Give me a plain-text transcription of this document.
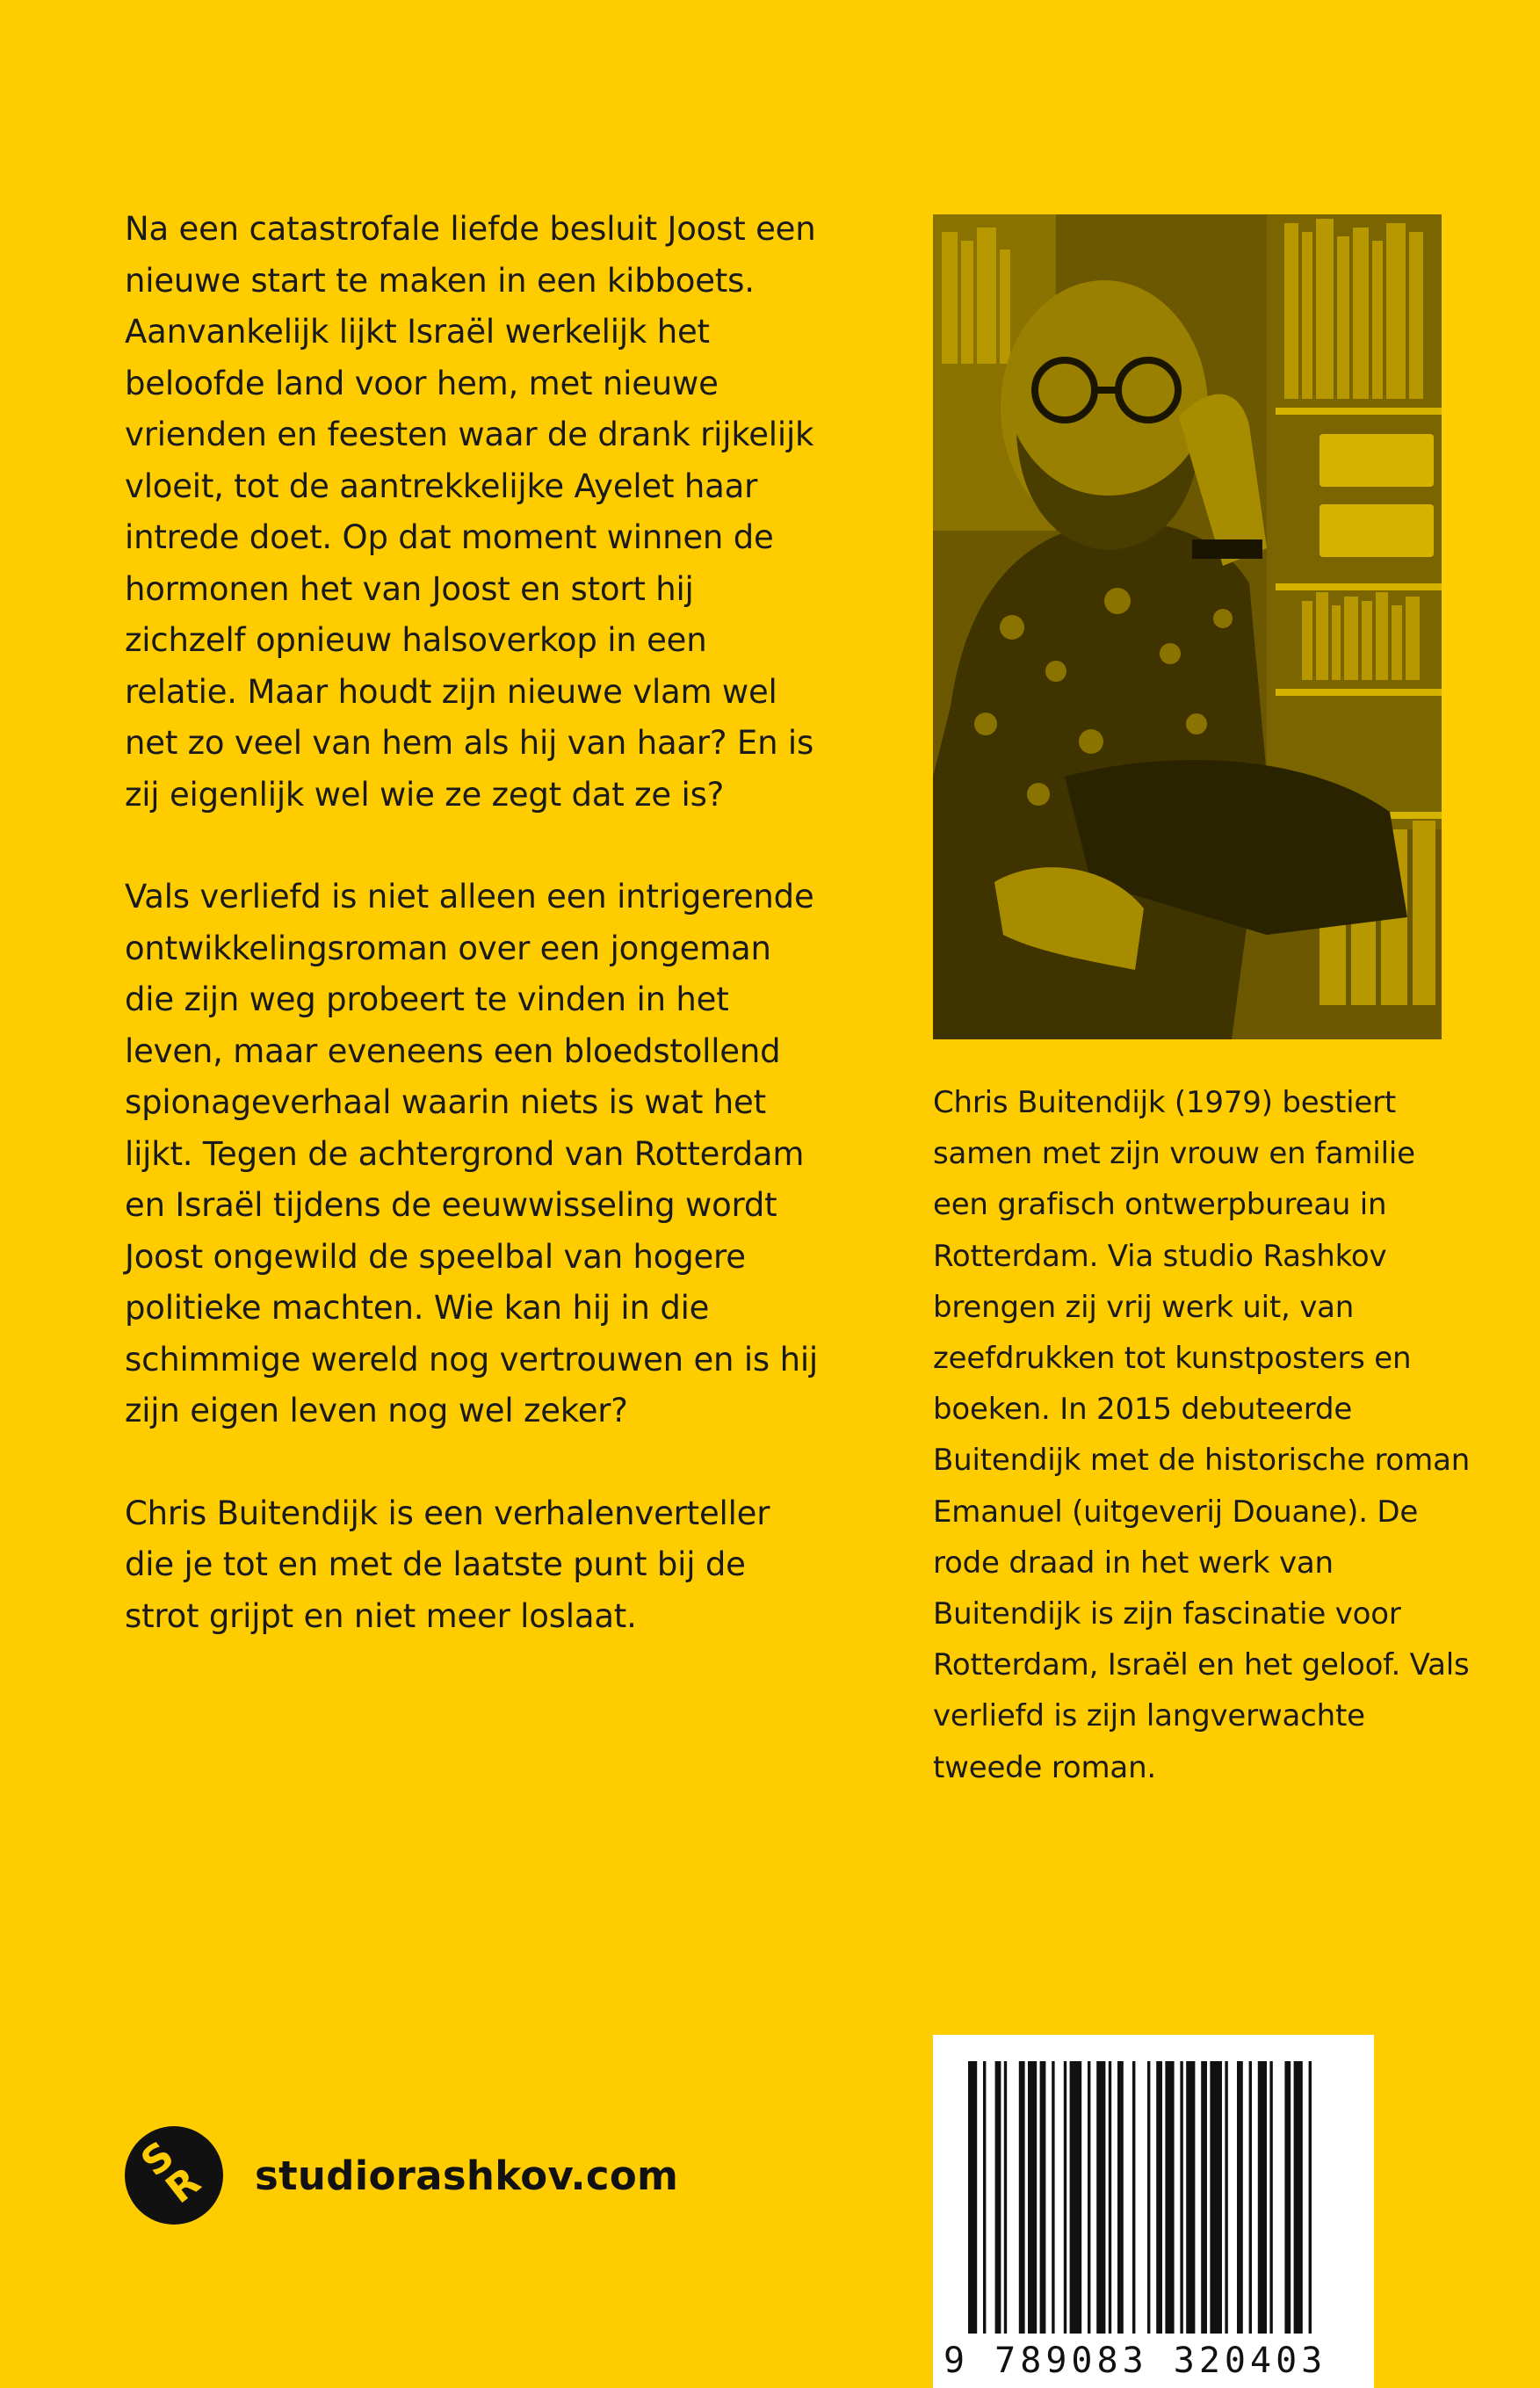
Na een catastrofale liefde besluit Joost een nieuwe start te maken in een kibboets. Aanvankelijk lijkt Israël werkelijk het beloofde land voor hem, met nieuwe vrienden en feesten waar de drank rijkelijk vloeit, tot de aantrekkelijke Ayelet haar intrede doet. Op dat moment winnen de hormonen het van Joost en stort hij zichzelf opnieuw halsoverkop in een relatie. Maar houdt zijn nieuwe vlam wel net zo veel van hem als hij van haar? En is zij eigenlijk wel wie ze zegt dat ze is?

Vals verliefd is niet alleen een intrigerende ontwikkelingsroman over een jongeman die zijn weg probeert te vinden in het leven, maar eveneens een bloedstollend spionageverhaal waarin niets is wat het lijkt. Tegen de achtergrond van Rotterdam en Israël tijdens de eeuwwisseling wordt Joost ongewild de speelbal van hogere politieke machten. Wie kan hij in die schimmige wereld nog vertrouwen en is hij zijn eigen leven nog wel zeker?

Chris Buitendijk is een verhalenverteller die je tot en met de laatste punt bij de strot grijpt en niet meer loslaat.

Chris Buitendijk (1979) bestiert samen met zijn vrouw en familie een grafisch ontwerpbureau in Rotterdam. Via studio Rashkov brengen zij vrij werk uit, van zeefdrukken tot kunstposters en boeken. In 2015 debuteerde Buitendijk met de historische roman Emanuel (uitgeverij Douane). De rode draad in het werk van Buitendijk is zijn fascinatie voor Rotterdam, Israël en het geloof. Vals verliefd is zijn langverwachte tweede roman.

S
R studiorashkov.com
9 789083 320403
